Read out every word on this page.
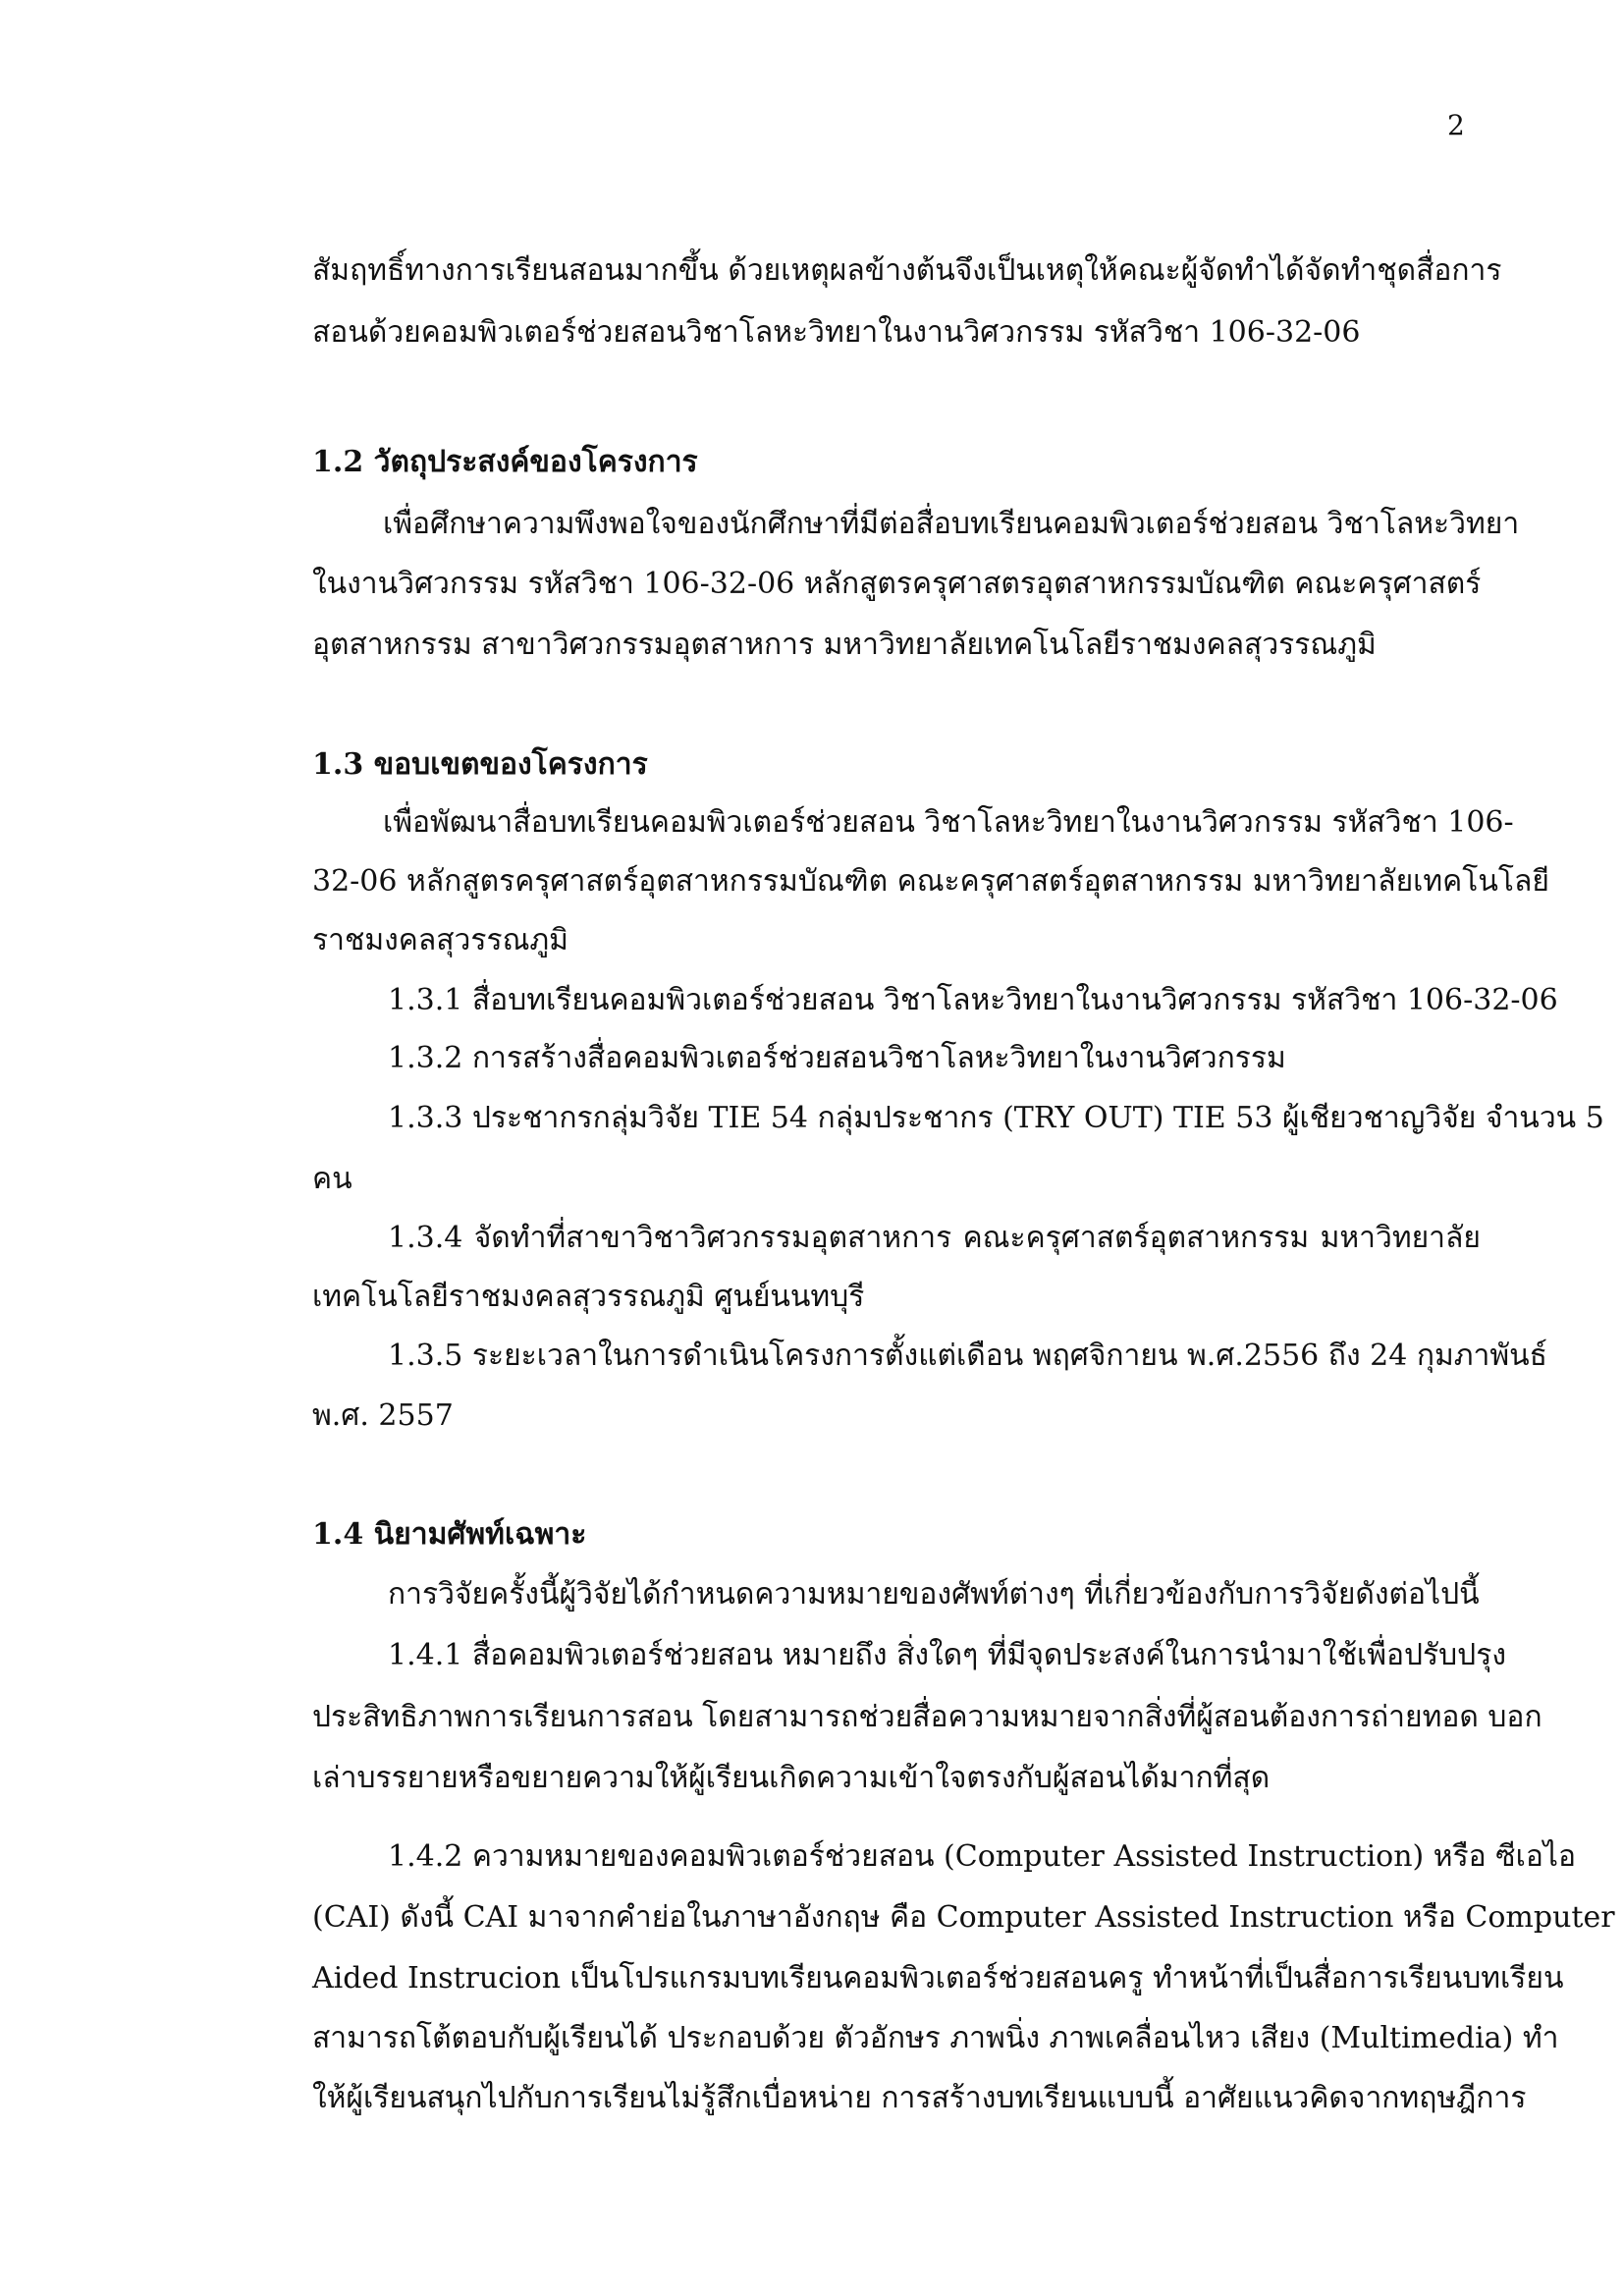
2
สัมฤทธิ์ทางการเรียนสอนมากขึ้น ด้วยเหตุผลข้างต้นจึงเป็นเหตุให้คณะผู้จัดทำได้จัดทำชุดสื่อการ
สอนด้วยคอมพิวเตอร์ช่วยสอนวิชาโลหะวิทยาในงานวิศวกรรม รหัสวิชา 106-32-06
1.2 วัตถุประสงค์ของโครงการ
เพื่อศึกษาความพึงพอใจของนักศึกษาที่มีต่อสื่อบทเรียนคอมพิวเตอร์ช่วยสอน วิชาโลหะวิทยา
ในงานวิศวกรรม รหัสวิชา 106-32-06 หลักสูตรครุศาสตรอุตสาหกรรมบัณฑิต คณะครุศาสตร์
อุตสาหกรรม สาขาวิศวกรรมอุตสาหการ มหาวิทยาลัยเทคโนโลยีราชมงคลสุวรรณภูมิ
1.3 ขอบเขตของโครงการ
เพื่อพัฒนาสื่อบทเรียนคอมพิวเตอร์ช่วยสอน วิชาโลหะวิทยาในงานวิศวกรรม รหัสวิชา 106-
32-06 หลักสูตรครุศาสตร์อุตสาหกรรมบัณฑิต คณะครุศาสตร์อุตสาหกรรม มหาวิทยาลัยเทคโนโลยี
ราชมงคลสุวรรณภูมิ
1.3.1 สื่อบทเรียนคอมพิวเตอร์ช่วยสอน วิชาโลหะวิทยาในงานวิศวกรรม รหัสวิชา 106-32-06
1.3.2 การสร้างสื่อคอมพิวเตอร์ช่วยสอนวิชาโลหะวิทยาในงานวิศวกรรม
1.3.3 ประชากรกลุ่มวิจัย TIE 54 กลุ่มประชากร (TRY OUT) TIE 53 ผู้เชียวชาญวิจัย จำนวน 5
คน
1.3.4 จัดทำที่สาขาวิชาวิศวกรรมอุตสาหการ คณะครุศาสตร์อุตสาหกรรม มหาวิทยาลัย
เทคโนโลยีราชมงคลสุวรรณภูมิ ศูนย์นนทบุรี
1.3.5 ระยะเวลาในการดำเนินโครงการตั้งแต่เดือน พฤศจิกายน พ.ศ.2556 ถึง 24 กุมภาพันธ์
พ.ศ. 2557
1.4 นิยามศัพท์เฉพาะ
การวิจัยครั้งนี้ผู้วิจัยได้กำหนดความหมายของศัพท์ต่างๆ ที่เกี่ยวข้องกับการวิจัยดังต่อไปนี้
1.4.1 สื่อคอมพิวเตอร์ช่วยสอน หมายถึง สิ่งใดๆ ที่มีจุดประสงค์ในการนำมาใช้เพื่อปรับปรุง
ประสิทธิภาพการเรียนการสอน โดยสามารถช่วยสื่อความหมายจากสิ่งที่ผู้สอนต้องการถ่ายทอด บอก
เล่าบรรยายหรือขยายความให้ผู้เรียนเกิดความเข้าใจตรงกับผู้สอนได้มากที่สุด
1.4.2 ความหมายของคอมพิวเตอร์ช่วยสอน (Computer Assisted Instruction) หรือ ซีเอไอ
(CAI) ดังนี้ CAI มาจากคำย่อในภาษาอังกฤษ คือ Computer Assisted Instruction หรือ Computer
Aided Instrucion เป็นโปรแกรมบทเรียนคอมพิวเตอร์ช่วยสอนครู ทำหน้าที่เป็นสื่อการเรียนบทเรียน
สามารถโต้ตอบกับผู้เรียนได้ ประกอบด้วย ตัวอักษร ภาพนิ่ง ภาพเคลื่อนไหว เสียง (Multimedia) ทำ
ให้ผู้เรียนสนุกไปกับการเรียนไม่รู้สึกเบื่อหน่าย การสร้างบทเรียนแบบนี้ อาศัยแนวคิดจากทฤษฎีการ
